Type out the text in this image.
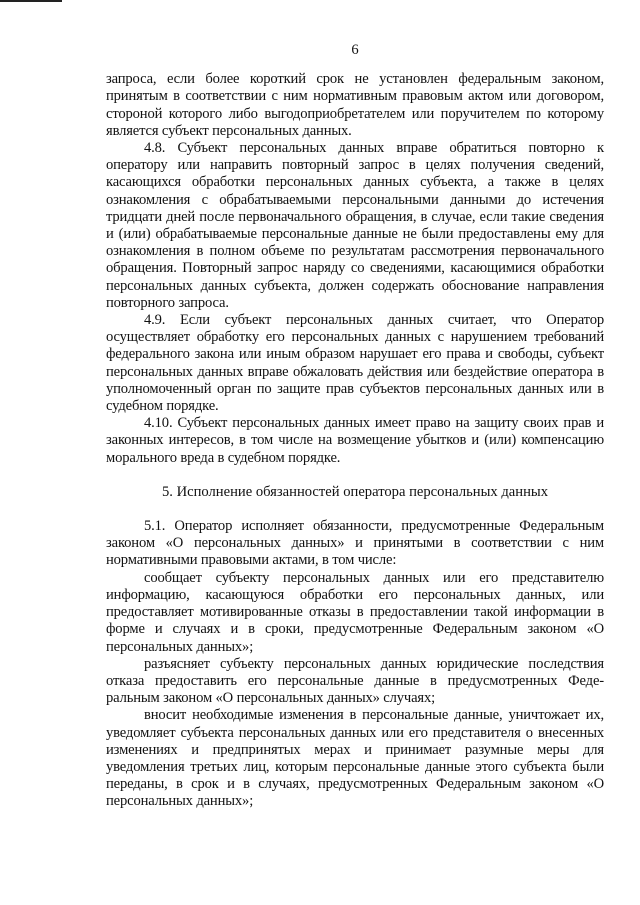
6

запроса, если более короткий срок не установлен федеральным законом, принятым в соответствии с ним нормативным правовым актом или договором, стороной которого либо выгодоприобретателем или поручителем по которому является субъект персональных данных.

4.8. Субъект персональных данных вправе обратиться повторно к оператору или направить повторный запрос в целях получения сведений, касающихся обработки персональных данных субъекта, а также в целях ознакомления с обрабатываемыми персональными данными до истечения тридцати дней после первоначального обращения, в случае, если такие сведения и (или) обрабатываемые персональные данные не были предоставлены ему для ознакомления в полном объеме по результатам рассмотрения первоначального обращения. Повторный запрос наряду со сведениями, касающимися обработки персональных данных субъекта, должен содержать обоснование направления повторного запроса.

4.9. Если субъект персональных данных считает, что Оператор осуществляет обработку его персональных данных с нарушением требований федерального закона или иным образом нарушает его права и свободы, субъект персональных данных вправе обжаловать действия или бездействие оператора в уполномоченный орган по защите прав субъектов персональных данных или в судебном порядке.

4.10. Субъект персональных данных имеет право на защиту своих прав и законных интересов, в том числе на возмещение убытков и (или) компенсацию морального вреда в судебном порядке.

5. Исполнение обязанностей оператора персональных данных

5.1. Оператор исполняет обязанности, предусмотренные Федеральным законом «О персональных данных» и принятыми в соответствии с ним нормативными правовыми актами, в том числе:

сообщает субъекту персональных данных или его представителю информацию, касающуюся обработки его персональных данных, или предоставляет мотивированные отказы в предоставлении такой информации в форме и случаях и в сроки, предусмотренные Федеральным законом «О персональных данных»;

разъясняет субъекту персональных данных юридические последствия отказа предоставить его персональные данные в предусмотренных Феде-ральным законом «О персональных данных» случаях;

вносит необходимые изменения в персональные данные, уничтожает их, уведомляет субъекта персональных данных или его представителя о внесенных изменениях и предпринятых мерах и принимает разумные меры для уведомления третьих лиц, которым персональные данные этого субъекта были переданы, в срок и в случаях, предусмотренных Федеральным законом «О персональных данных»;
